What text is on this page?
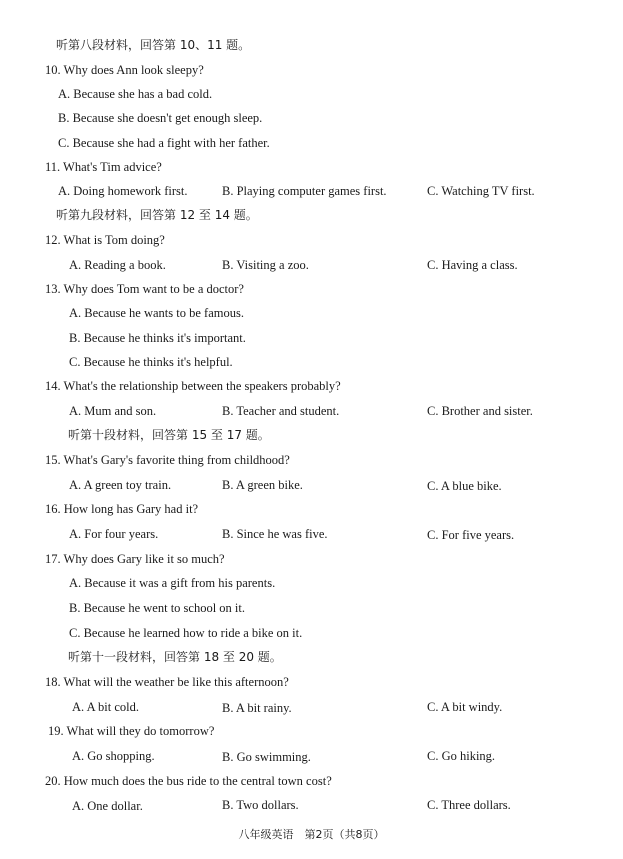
听第八段材料，回答第 10、11 题。
10. Why does Ann look sleepy?
A. Because she has a bad cold.
B. Because she doesn't get enough sleep.
C. Because she had a fight with her father.
11. What's Tim advice?
A. Doing homework first.	B. Playing computer games first.	C. Watching TV first.
听第九段材料，回答第 12 至 14 题。
12. What is Tom doing?
A. Reading a book.	B. Visiting a zoo.	C. Having a class.
13. Why does Tom want to be a doctor?
A. Because he wants to be famous.
B. Because he thinks it's important.
C. Because he thinks it's helpful.
14. What's the relationship between the speakers probably?
A. Mum and son.	B. Teacher and student.	C. Brother and sister.
听第十段材料，回答第 15 至 17 题。
15. What's Gary's favorite thing from childhood?
A. A green toy train.	B. A green bike.	C. A blue bike.
16. How long has Gary had it?
A. For four years.	B. Since he was five.	C. For five years.
17. Why does Gary like it so much?
A. Because it was a gift from his parents.
B. Because he went to school on it.
C. Because he learned how to ride a bike on it.
听第十一段材料，回答第 18 至 20 题。
18. What will the weather be like this afternoon?
A. A bit cold.	B. A bit rainy.	C. A bit windy.
19. What will they do tomorrow?
A. Go shopping.	B. Go swimming.	C. Go hiking.
20. How much does the bus ride to the central town cost?
A. One dollar.	B. Two dollars.	C. Three dollars.
八年级英语　第2页（共8页）
